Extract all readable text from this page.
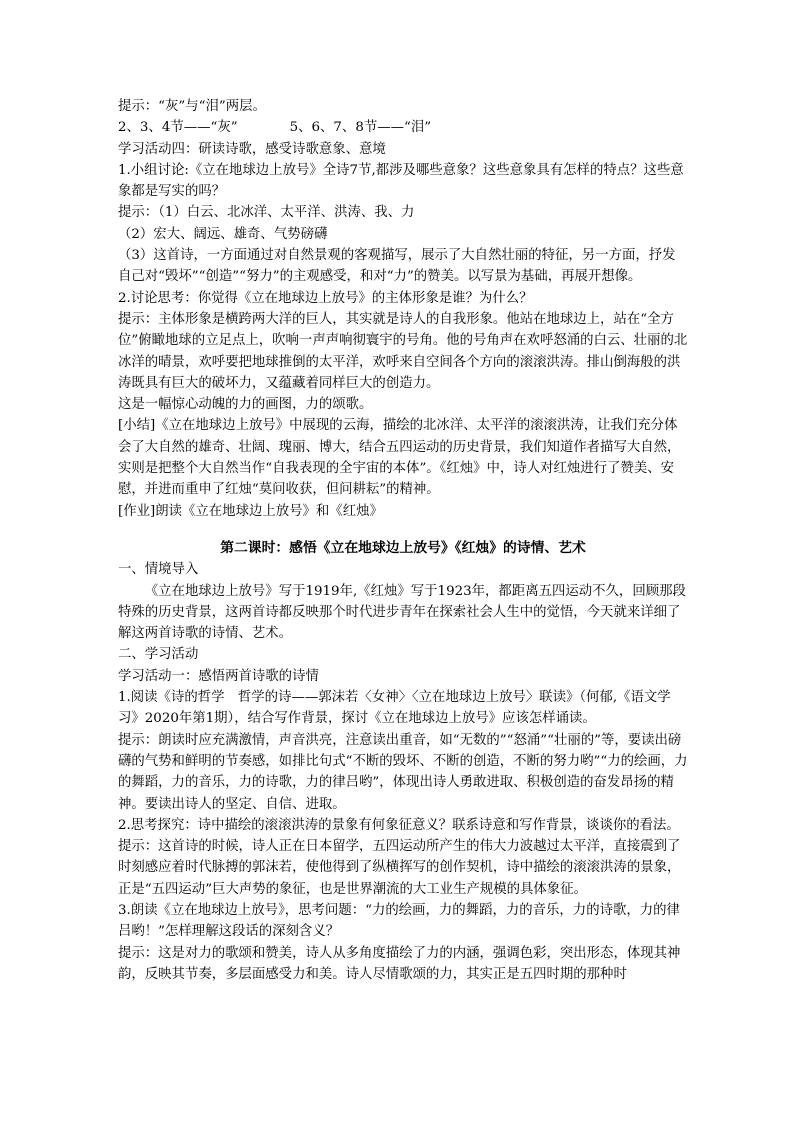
提示：“灰”与“泪”两层。

2、3、4节——“灰”	5、6、7、8节——“泪”

学习活动四：研读诗歌，感受诗歌意象、意境

1.小组讨论:《立在地球边上放号》全诗7节,都涉及哪些意象？这些意象具有怎样的特点？这些意象都是写实的吗？

提示：（1）白云、北冰洋、太平洋、洪涛、我、力

（2）宏大、阔远、雄奇、气势磅礴

（3）这首诗，一方面通过对自然景观的客观描写，展示了大自然壮丽的特征，另一方面，抒发自己对“毁坏”“创造”“努力”的主观感受，和对“力”的赞美。以写景为基础，再展开想像。

2.讨论思考：你觉得《立在地球边上放号》的主体形象是谁？为什么？

提示：主体形象是横跨两大洋的巨人，其实就是诗人的自我形象。他站在地球边上，站在“全方位”俯瞰地球的立足点上，吹响一声声响彻寰宇的号角。他的号角声在欢呼怒涌的白云、壮丽的北冰洋的晴景，欢呼要把地球推倒的太平洋，欢呼来自空间各个方向的滚滚洪涛。排山倒海般的洪涛既具有巨大的破坏力，又蕴藏着同样巨大的创造力。

这是一幅惊心动魄的力的画图，力的颂歌。

[小结]《立在地球边上放号》中展现的云海，描绘的北冰洋、太平洋的滚滚洪涛，让我们充分体会了大自然的雄奇、壮阔、瑰丽、博大，结合五四运动的历史背景，我们知道作者描写大自然，实则是把整个大自然当作“自我表现的全宇宙的本体”。《红烛》中，诗人对红烛进行了赞美、安慰，并进而重申了红烛“莫问收获，但问耕耘”的精神。

[作业]朗读《立在地球边上放号》和《红烛》

第二课时：感悟《立在地球边上放号》《红烛》的诗情、艺术

一、情境导入

《立在地球边上放号》写于1919年,《红烛》写于1923年，都距离五四运动不久，回顾那段特殊的历史背景，这两首诗都反映那个时代进步青年在探索社会人生中的觉悟，今天就来详细了解这两首诗歌的诗情、艺术。

二、学习活动

学习活动一：感悟两首诗歌的诗情

1.阅读《诗的哲学　哲学的诗——郭沫若〈女神〉〈立在地球边上放号〉联读》（何郁,《语文学习》2020年第1期），结合写作背景，探讨《立在地球边上放号》应该怎样诵读。

提示：朗读时应充满激情，声音洪亮，注意读出重音，如“无数的”“怒涌”“壮丽的”等，要读出磅礴的气势和鲜明的节奏感，如排比句式“不断的毁坏、不断的创造，不断的努力哟”“力的绘画，力的舞蹈，力的音乐，力的诗歌，力的律吕哟”，体现出诗人勇敢进取、积极创造的奋发昂扬的精神。要读出诗人的坚定、自信、进取。

2.思考探究：诗中描绘的滚滚洪涛的景象有何象征意义？联系诗意和写作背景，谈谈你的看法。

提示：这首诗的时候，诗人正在日本留学，五四运动所产生的伟大力波越过太平洋，直接震到了时刻感应着时代脉搏的郭沫若，使他得到了纵横挥写的创作契机，诗中描绘的滚滚洪涛的景象，正是“五四运动”巨大声势的象征，也是世界潮流的大工业生产规模的具体象征。

3.朗读《立在地球边上放号》，思考问题：“力的绘画，力的舞蹈，力的音乐，力的诗歌，力的律吕哟！”怎样理解这段话的深刻含义？

提示：这是对力的歌颂和赞美，诗人从多角度描绘了力的内涵，强调色彩，突出形态，体现其神韵，反映其节奏，多层面感受力和美。诗人尽情歌颂的力，其实正是五四时期的那种时
